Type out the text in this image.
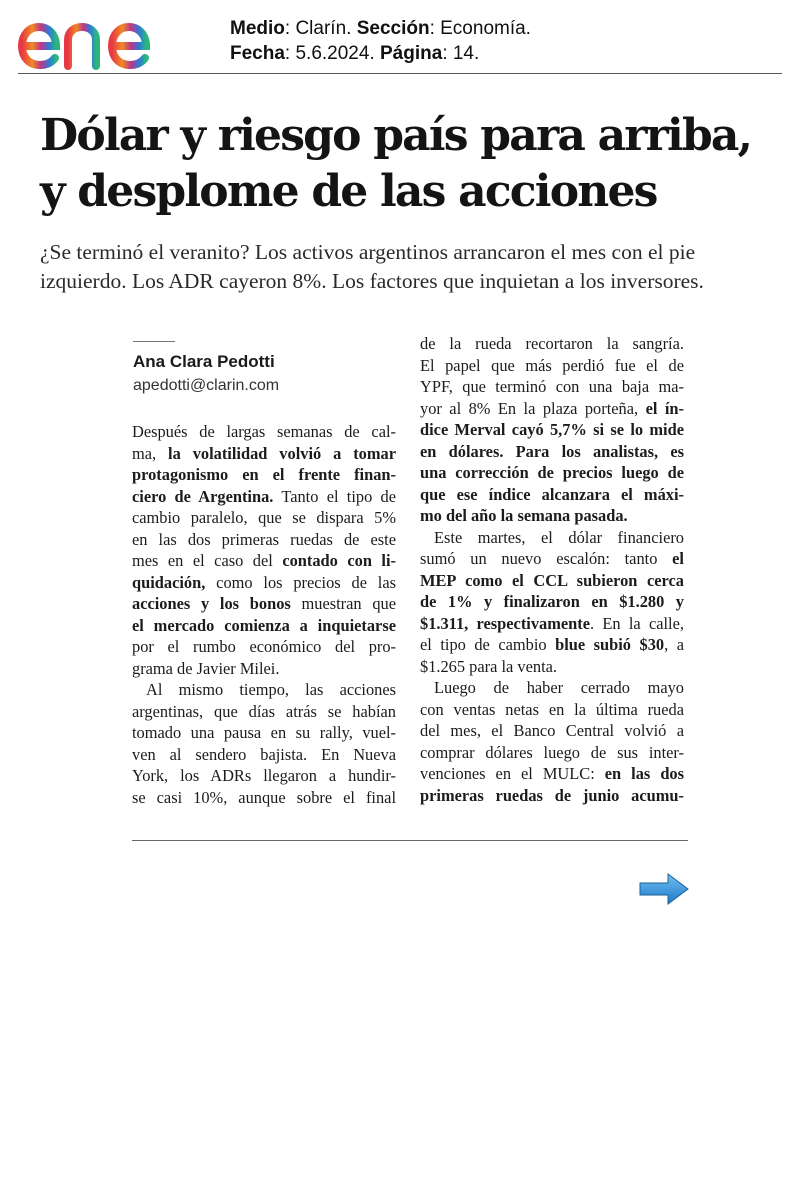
Medio: Clarín. Sección: Economía.
Fecha: 5.6.2024. Página: 14.
Dólar y riesgo país para arriba,
y desplome de las acciones

¿Se terminó el veranito? Los activos argentinos arrancaron el mes con el pie
izquierdo. Los ADR cayeron 8%. Los factores que inquietan a los inversores.

Ana Clara Pedotti
apedotti@clarin.com
Después de largas semanas de cal-
ma, la volatilidad volvió a tomar
protagonismo en el frente finan-
ciero de Argentina. Tanto el tipo de
cambio paralelo, que se dispara 5%
en las dos primeras ruedas de este
mes en el caso del contado con li-
quidación, como los precios de las
acciones y los bonos muestran que
el mercado comienza a inquietarse
por el rumbo económico del pro-
grama de Javier Milei.
Al mismo tiempo, las acciones
argentinas, que días atrás se habían
tomado una pausa en su rally, vuel-
ven al sendero bajista. En Nueva
York, los ADRs llegaron a hundir-
se casi 10%, aunque sobre el final
de la rueda recortaron la sangría.
El papel que más perdió fue el de
YPF, que terminó con una baja ma-
yor al 8% En la plaza porteña, el ín-
dice Merval cayó 5,7% si se lo mide
en dólares. Para los analistas, es
una corrección de precios luego de
que ese índice alcanzara el máxi-
mo del año la semana pasada.
Este martes, el dólar financiero
sumó un nuevo escalón: tanto el
MEP como el CCL subieron cerca
de 1% y finalizaron en $1.280 y
$1.311, respectivamente. En la calle,
el tipo de cambio blue subió $30, a
$1.265 para la venta.
Luego de haber cerrado mayo
con ventas netas en la última rueda
del mes, el Banco Central volvió a
comprar dólares luego de sus inter-
venciones en el MULC: en las dos
primeras ruedas de junio acumu-
